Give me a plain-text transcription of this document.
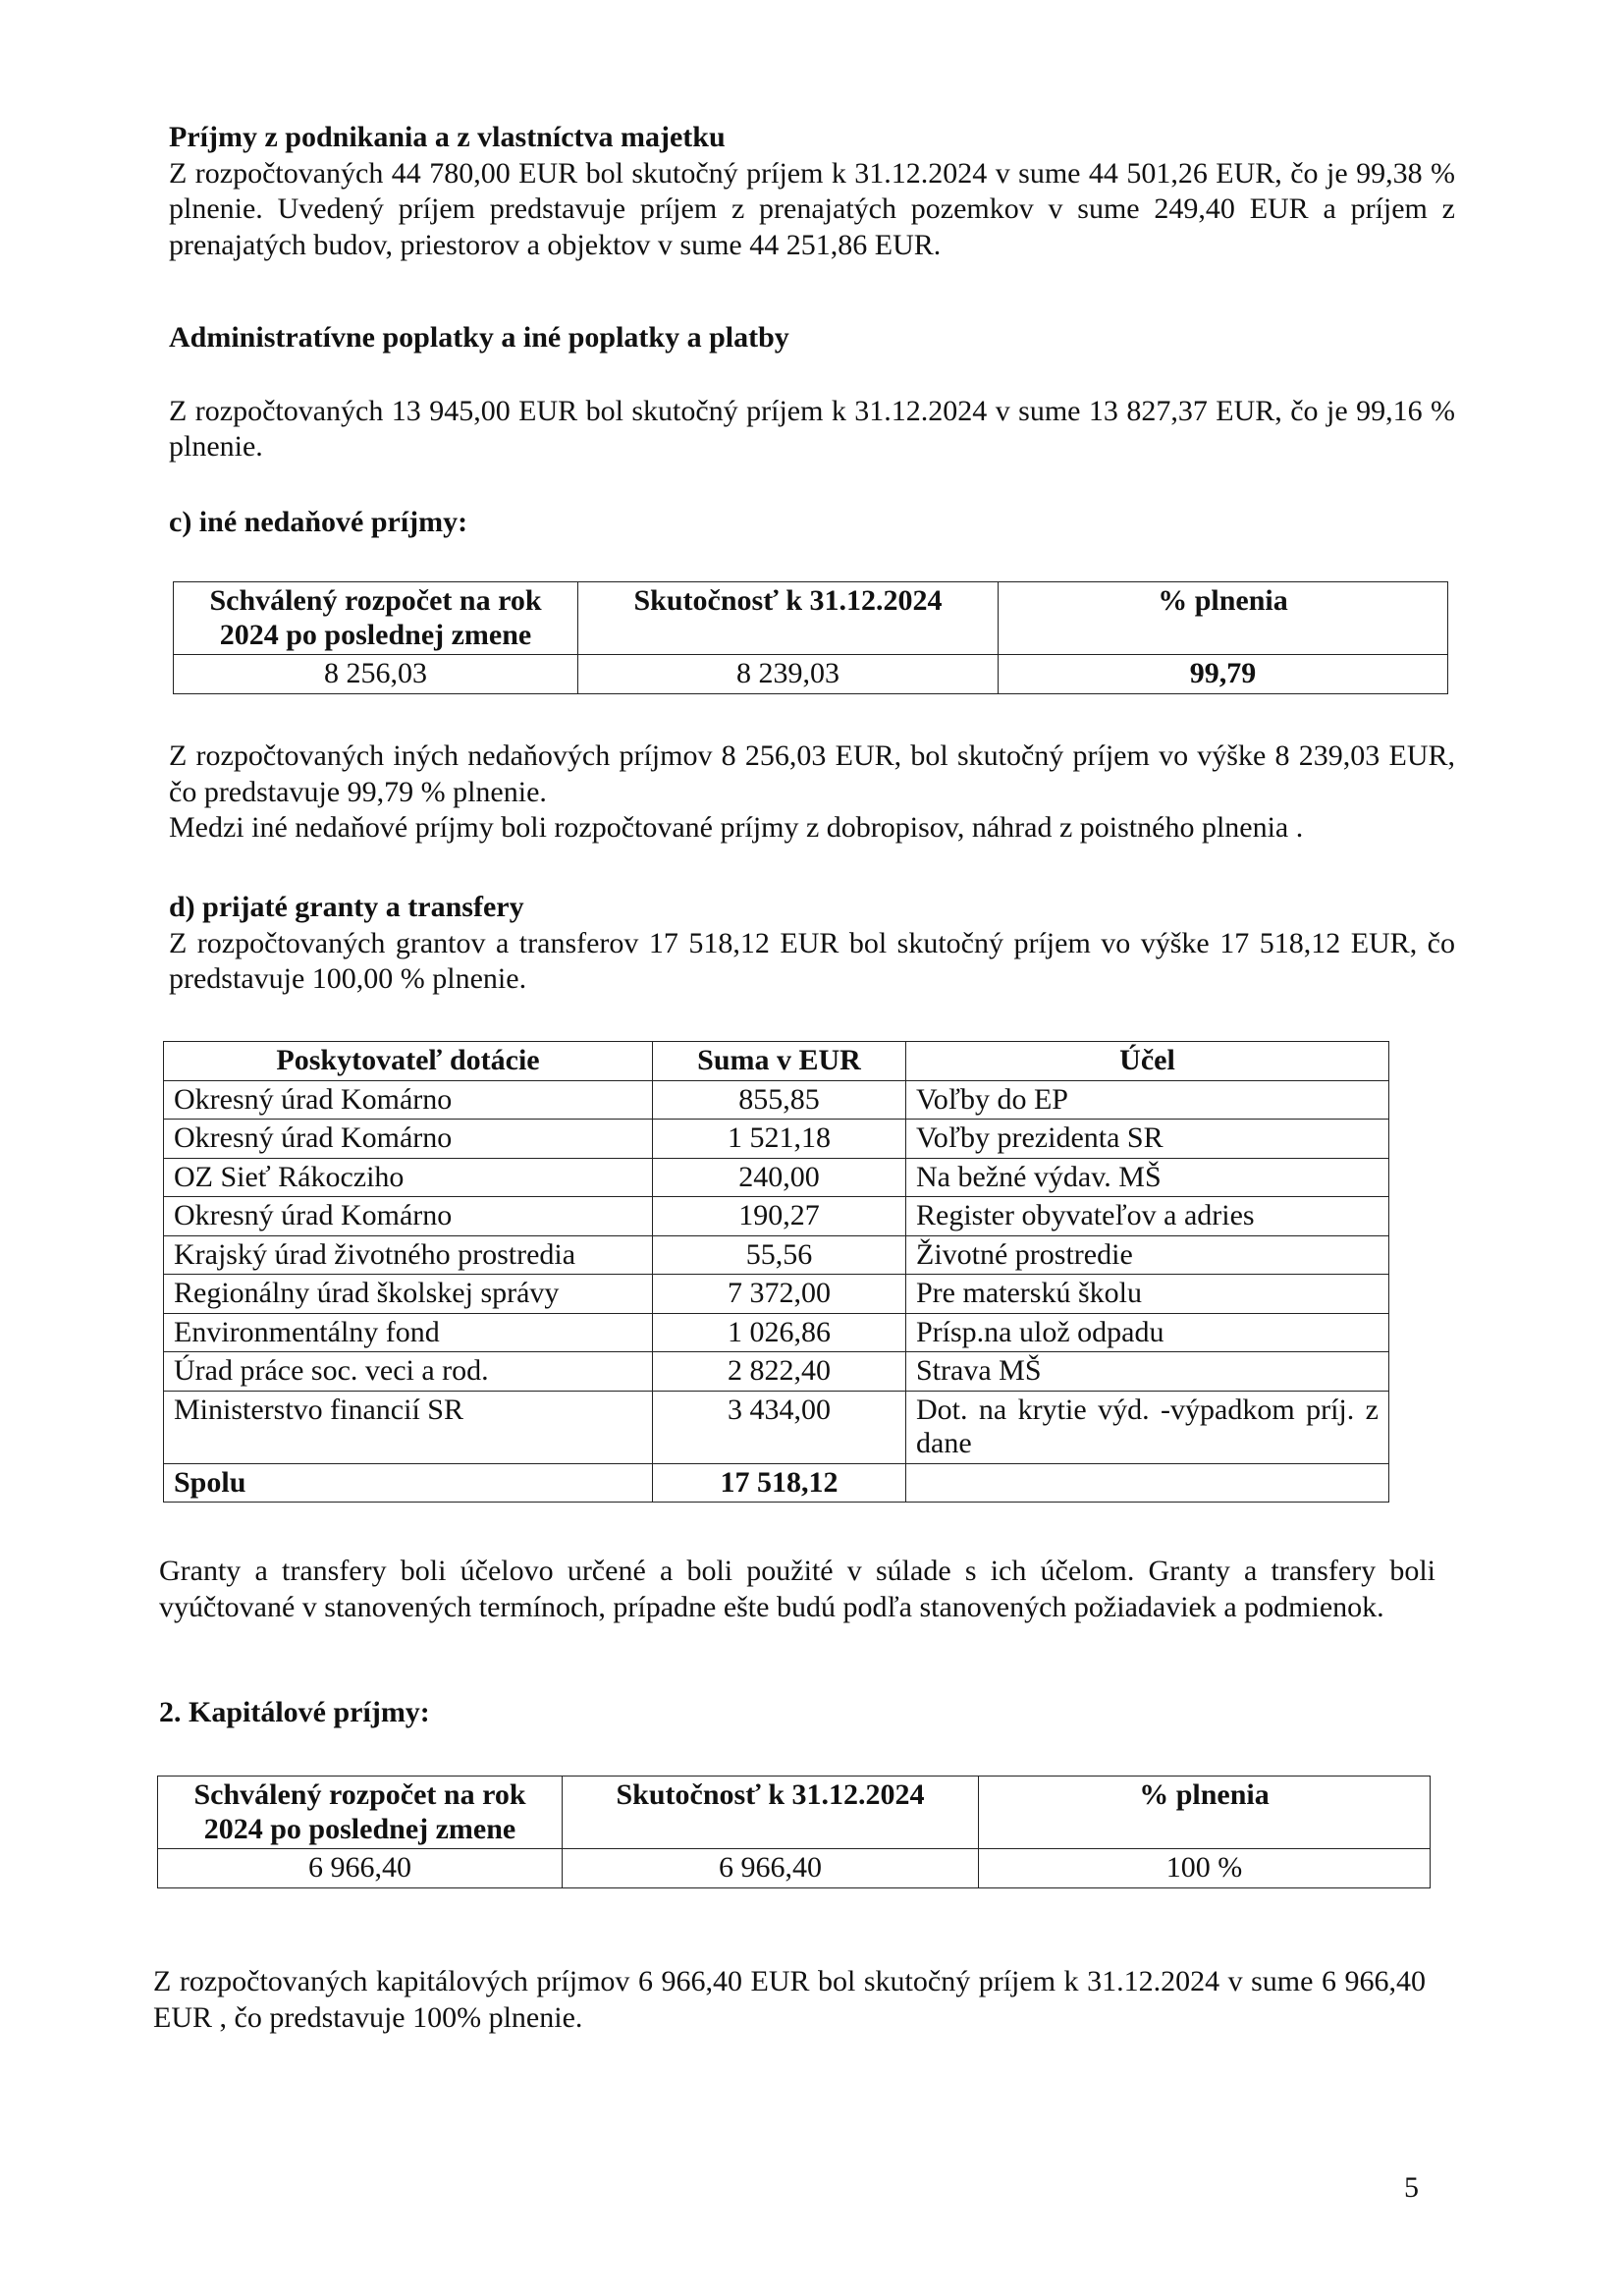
Príjmy z podnikania a z vlastníctva majetku

Z rozpočtovaných 44 780,00 EUR bol skutočný príjem k 31.12.2024 v sume 44 501,26 EUR, čo je 99,38 % plnenie. Uvedený príjem predstavuje príjem z prenajatých pozemkov v sume 249,40 EUR a príjem z prenajatých budov, priestorov a objektov v sume 44 251,86 EUR.

Administratívne poplatky a iné poplatky a platby

Z rozpočtovaných 13 945,00 EUR bol skutočný príjem k 31.12.2024 v sume 13 827,37 EUR, čo je 99,16 % plnenie.

c) iné nedaňové príjmy:

Schválený rozpočet na rok 2024 po poslednej zmene	Skutočnosť k 31.12.2024	% plnenia
8 256,03	8 239,03	99,79

Z rozpočtovaných iných nedaňových príjmov 8 256,03 EUR, bol skutočný príjem vo výške 8 239,03 EUR, čo predstavuje 99,79 % plnenie.

Medzi iné nedaňové príjmy boli rozpočtované príjmy z dobropisov, náhrad z poistného plnenia .

d) prijaté granty a transfery

Z rozpočtovaných grantov a transferov 17 518,12 EUR bol skutočný príjem vo výške 17 518,12 EUR, čo predstavuje 100,00 % plnenie.

Poskytovateľ dotácie	Suma v EUR	Účel
Okresný úrad Komárno	855,85	Voľby do EP
Okresný úrad Komárno	1 521,18	Voľby prezidenta SR
OZ Sieť Rákocziho	240,00	Na bežné výdav. MŠ
Okresný úrad Komárno	190,27	Register obyvateľov a adries
Krajský úrad životného prostredia	55,56	Životné prostredie
Regionálny úrad školskej správy	7 372,00	Pre materskú školu
Environmentálny fond	1 026,86	Prísp.na ulož odpadu
Úrad práce soc. veci a rod.	2 822,40	Strava MŠ
Ministerstvo financií SR	3 434,00	Dot. na krytie výd. -výpadkom príj. z dane
Spolu	17 518,12	

Granty a transfery boli účelovo určené a boli použité v súlade s ich účelom. Granty a transfery boli vyúčtované v stanovených termínoch, prípadne ešte budú podľa stanovených požiadaviek a podmienok.

2. Kapitálové príjmy:

Schválený rozpočet na rok 2024 po poslednej zmene	Skutočnosť k 31.12.2024	% plnenia
6 966,40	6 966,40	100 %

Z rozpočtovaných kapitálových príjmov 6 966,40 EUR bol skutočný príjem k 31.12.2024 v sume 6 966,40 EUR , čo predstavuje 100% plnenie.

5
